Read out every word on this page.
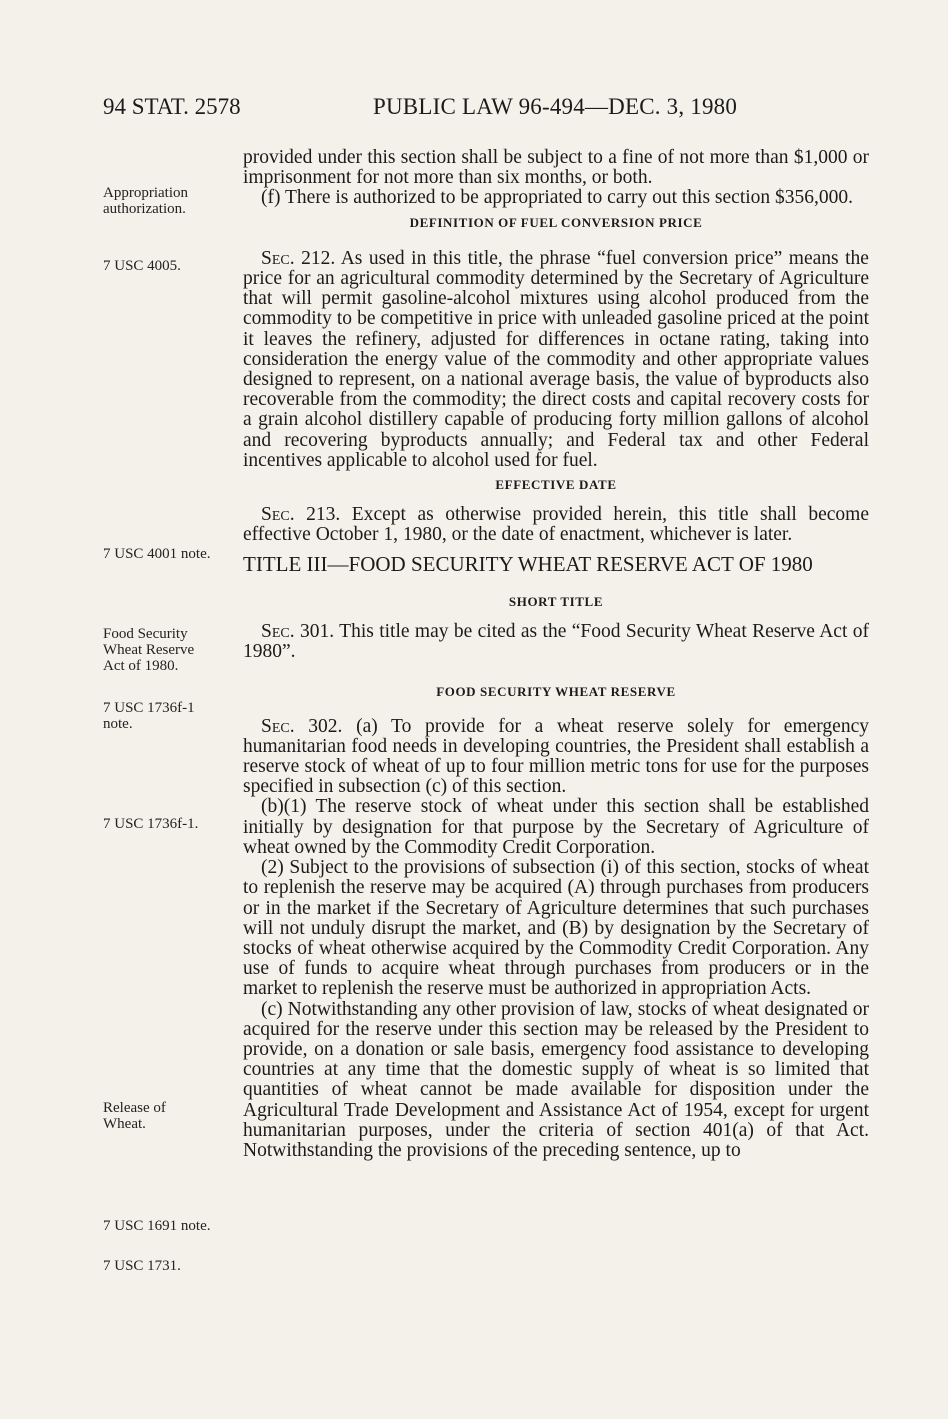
94 STAT. 2578	PUBLIC LAW 96-494—DEC. 3, 1980
Appropriation authorization.
7 USC 4005.
7 USC 4001 note.
Food Security Wheat Reserve Act of 1980.
7 USC 1736f-1 note.
7 USC 1736f-1.
Release of Wheat.
7 USC 1691 note.
7 USC 1731.

provided under this section shall be subject to a fine of not more than $1,000 or imprisonment for not more than six months, or both.

(f) There is authorized to be appropriated to carry out this section $356,000.

DEFINITION OF FUEL CONVERSION PRICE

Sec. 212. As used in this title, the phrase “fuel conversion price” means the price for an agricultural commodity determined by the Secretary of Agriculture that will permit gasoline-alcohol mixtures using alcohol produced from the commodity to be competitive in price with unleaded gasoline priced at the point it leaves the refinery, adjusted for differences in octane rating, taking into consideration the energy value of the commodity and other appropriate values designed to represent, on a national average basis, the value of byproducts also recoverable from the commodity; the direct costs and capital recovery costs for a grain alcohol distillery capable of producing forty million gallons of alcohol and recovering byproducts annually; and Federal tax and other Federal incentives applicable to alcohol used for fuel.

EFFECTIVE DATE

Sec. 213. Except as otherwise provided herein, this title shall become effective October 1, 1980, or the date of enactment, whichever is later.

TITLE III—FOOD SECURITY WHEAT RESERVE ACT OF 1980
SHORT TITLE

Sec. 301. This title may be cited as the “Food Security Wheat Reserve Act of 1980”.

FOOD SECURITY WHEAT RESERVE

Sec. 302. (a) To provide for a wheat reserve solely for emergency humanitarian food needs in developing countries, the President shall establish a reserve stock of wheat of up to four million metric tons for use for the purposes specified in subsection (c) of this section.

(b)(1) The reserve stock of wheat under this section shall be established initially by designation for that purpose by the Secretary of Agriculture of wheat owned by the Commodity Credit Corporation.

(2) Subject to the provisions of subsection (i) of this section, stocks of wheat to replenish the reserve may be acquired (A) through purchases from producers or in the market if the Secretary of Agriculture determines that such purchases will not unduly disrupt the market, and (B) by designation by the Secretary of stocks of wheat otherwise acquired by the Commodity Credit Corporation. Any use of funds to acquire wheat through purchases from producers or in the market to replenish the reserve must be authorized in appropriation Acts.

(c) Notwithstanding any other provision of law, stocks of wheat designated or acquired for the reserve under this section may be released by the President to provide, on a donation or sale basis, emergency food assistance to developing countries at any time that the domestic supply of wheat is so limited that quantities of wheat cannot be made available for disposition under the Agricultural Trade Development and Assistance Act of 1954, except for urgent humanitarian purposes, under the criteria of section 401(a) of that Act. Notwithstanding the provisions of the preceding sentence, up to
